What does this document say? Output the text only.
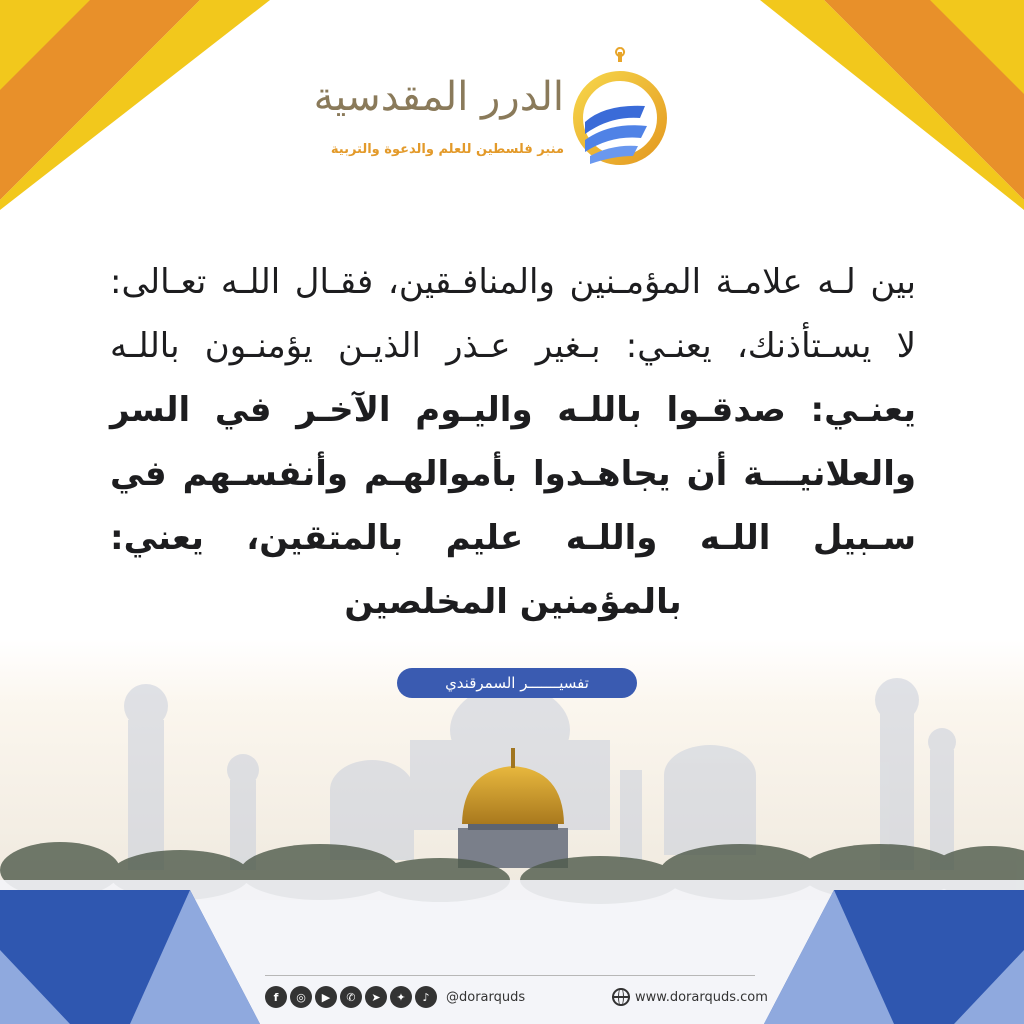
الدرر المقدسية
منبر فلسطين للعلم والدعوة والتربية
بين لـه علامـة المؤمـنين والمنافـقين، فقـال اللـه تعـالى: لا يسـتأذنك، يعنـي: بـغير عـذر الذيـن يؤمنـون باللـه يعنـي: صدقـوا باللـه واليـوم الآخـر في السر والعلانيـــة أن يجاهـدوا بأموالهـم وأنفسـهم في سـبيل اللـه واللـه عليم بالمتقين، يعني: بالمؤمنين المخلصين
تفسيـــــــر السمرقندي
f	◎	▶	✆	➤	✦	♪	@dorarquds	www.dorarquds.com
